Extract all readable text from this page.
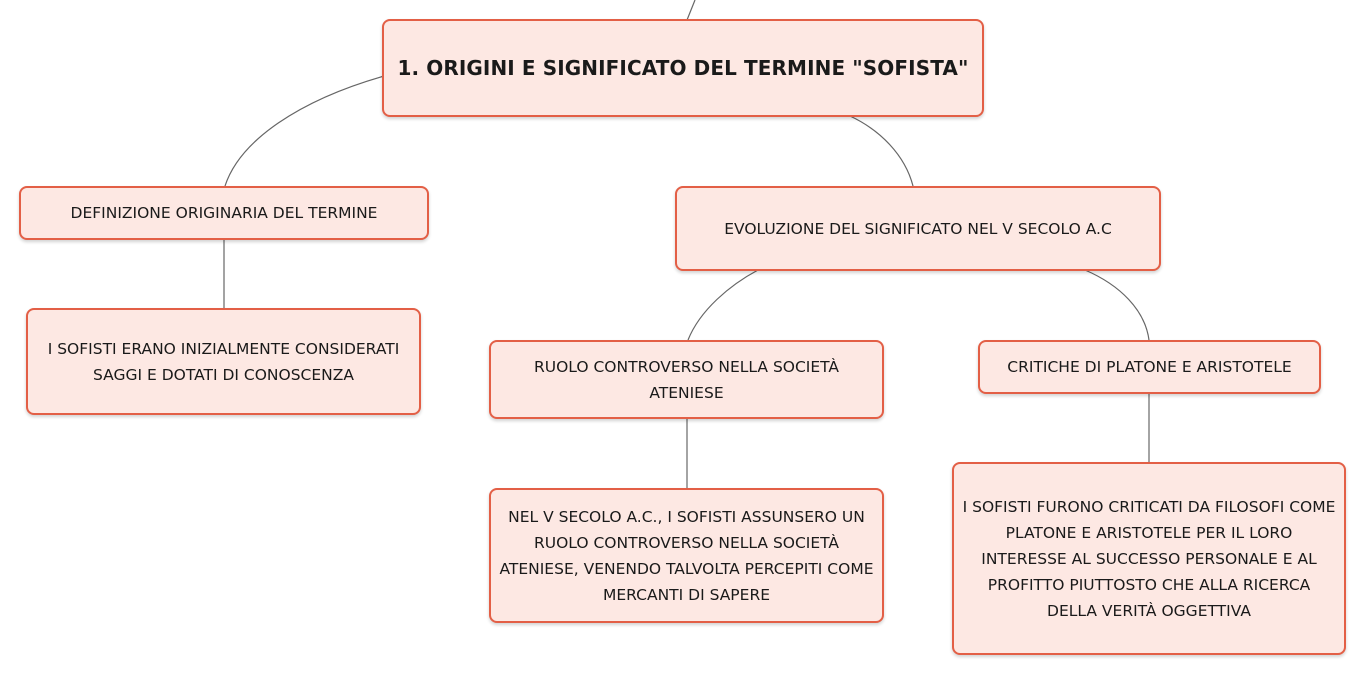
1. ORIGINI E SIGNIFICATO DEL TERMINE "SOFISTA"
DEFINIZIONE ORIGINARIA DEL TERMINE
I SOFISTI ERANO INIZIALMENTE CONSIDERATI SAGGI E DOTATI DI CONOSCENZA
EVOLUZIONE DEL SIGNIFICATO NEL V SECOLO A.C
RUOLO CONTROVERSO NELLA SOCIETÀ ATENIESE
NEL V SECOLO A.C., I SOFISTI ASSUNSERO UN RUOLO CONTROVERSO NELLA SOCIETÀ ATENIESE, VENENDO TALVOLTA PERCEPITI COME MERCANTI DI SAPERE
CRITICHE DI PLATONE E ARISTOTELE
I SOFISTI FURONO CRITICATI DA FILOSOFI COME PLATONE E ARISTOTELE PER IL LORO INTERESSE AL SUCCESSO PERSONALE E AL PROFITTO PIUTTOSTO CHE ALLA RICERCA DELLA VERITÀ OGGETTIVA
